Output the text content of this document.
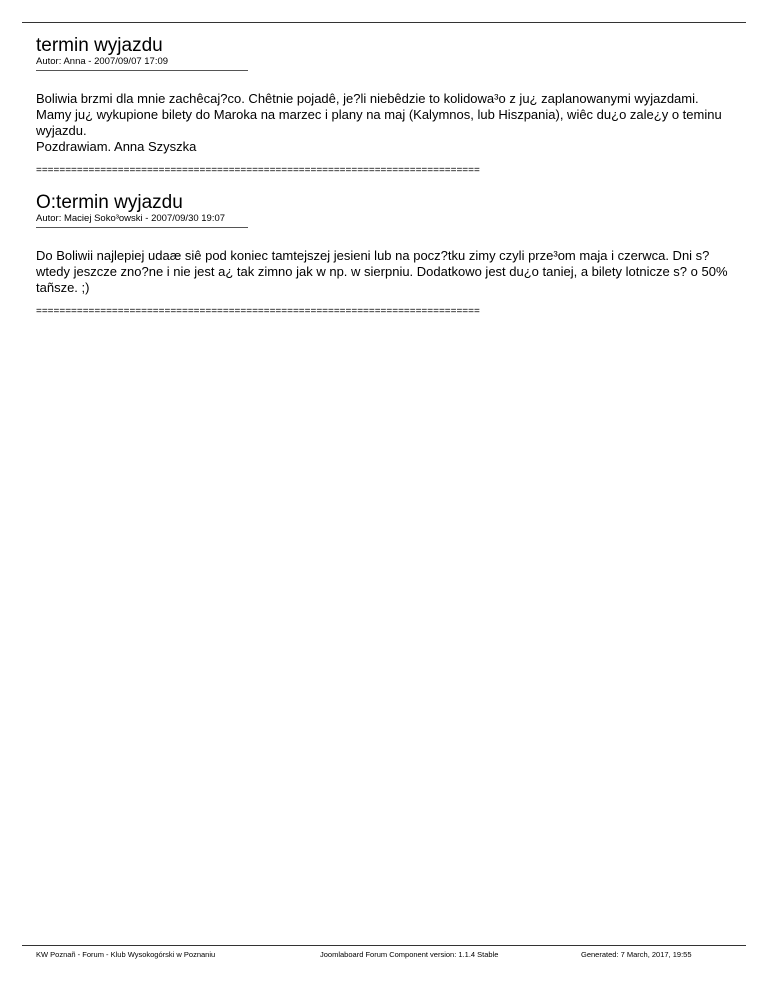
termin wyjazdu
Autor: Anna - 2007/09/07 17:09

Boliwia brzmi dla mnie zachêcaj?co. Chêtnie pojadê, je?li niebêdzie to kolidowa³o z ju¿ zaplanowanymi wyjazdami. Mamy ju¿ wykupione bilety do Maroka na marzec i plany na maj (Kalymnos, lub Hiszpania), wiêc du¿o zale¿y o teminu wyjazdu.

Pozdrawiam. Anna Szyszka

============================================================================
O:termin wyjazdu
Autor: Maciej Soko³owski - 2007/09/30 19:07

Do Boliwii najlepiej udaæ siê pod koniec tamtejszej jesieni lub na pocz?tku zimy czyli prze³om maja i czerwca. Dni s? wtedy jeszcze zno?ne i nie jest a¿ tak zimno jak w np. w sierpniu. Dodatkowo jest du¿o taniej, a bilety lotnicze s? o 50% tañsze. ;)

============================================================================
KW Poznañ - Forum - Klub Wysokogórski w Poznaniu	Joomlaboard Forum Component version: 1.1.4 Stable	Generated: 7 March, 2017, 19:55
